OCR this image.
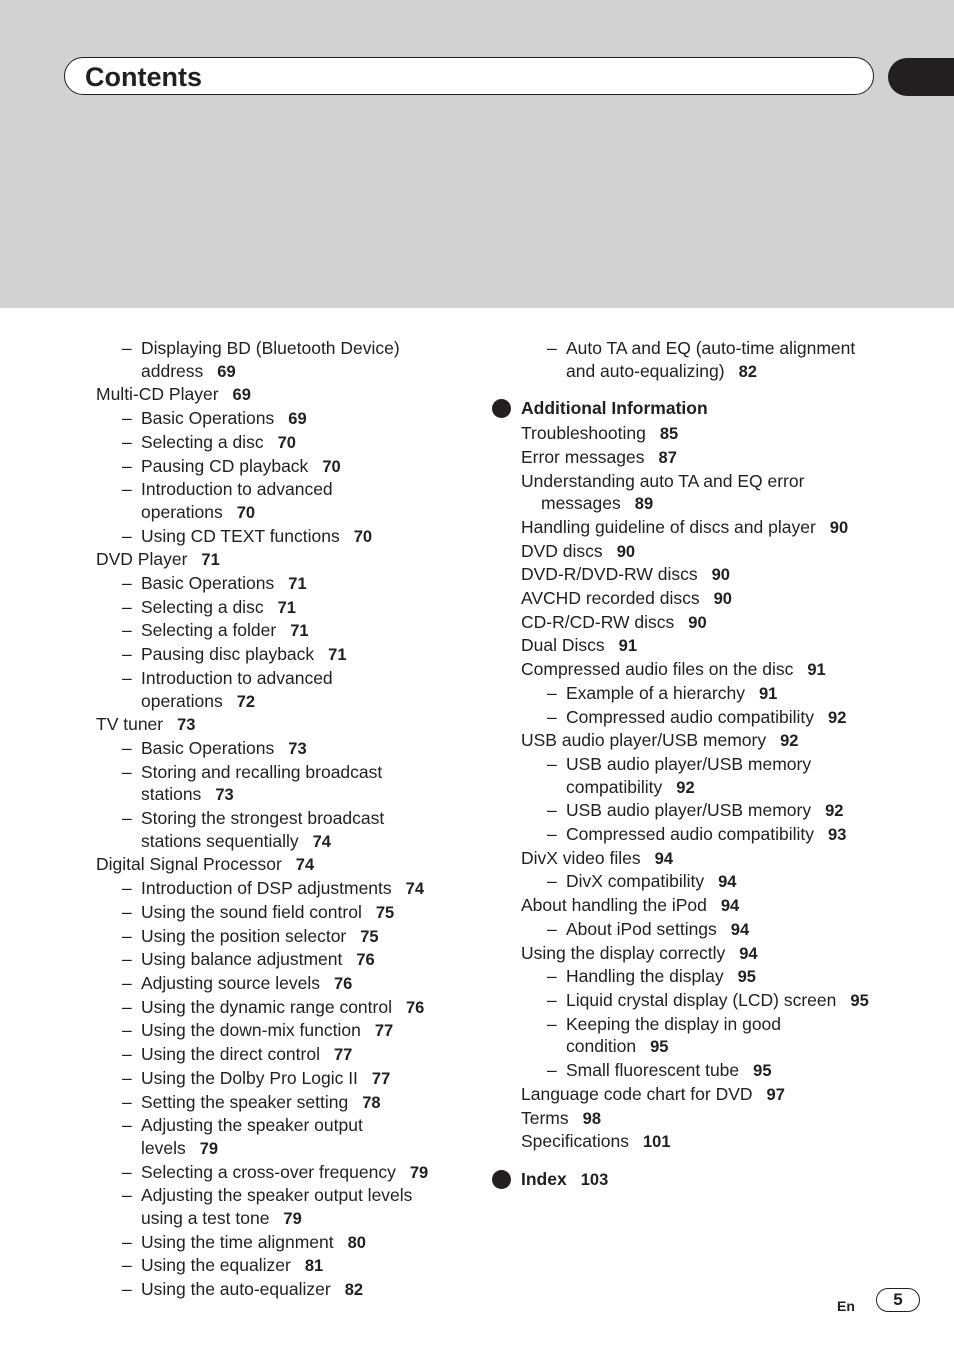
Contents
– Displaying BD (Bluetooth Device)
address 69
Multi-CD Player 69
– Basic Operations 69
– Selecting a disc 70
– Pausing CD playback 70
– Introduction to advanced
operations 70
– Using CD TEXT functions 70
DVD Player 71
– Basic Operations 71
– Selecting a disc 71
– Selecting a folder 71
– Pausing disc playback 71
– Introduction to advanced
operations 72
TV tuner 73
– Basic Operations 73
– Storing and recalling broadcast
stations 73
– Storing the strongest broadcast
stations sequentially 74
Digital Signal Processor 74
– Introduction of DSP adjustments 74
– Using the sound field control 75
– Using the position selector 75
– Using balance adjustment 76
– Adjusting source levels 76
– Using the dynamic range control 76
– Using the down-mix function 77
– Using the direct control 77
– Using the Dolby Pro Logic II 77
– Setting the speaker setting 78
– Adjusting the speaker output
levels 79
– Selecting a cross-over frequency 79
– Adjusting the speaker output levels
using a test tone 79
– Using the time alignment 80
– Using the equalizer 81
– Using the auto-equalizer 82
– Auto TA and EQ (auto-time alignment
and auto-equalizing) 82
Additional Information
Troubleshooting 85
Error messages 87
Understanding auto TA and EQ error
messages 89
Handling guideline of discs and player 90
DVD discs 90
DVD-R/DVD-RW discs 90
AVCHD recorded discs 90
CD-R/CD-RW discs 90
Dual Discs 91
Compressed audio files on the disc 91
– Example of a hierarchy 91
– Compressed audio compatibility 92
USB audio player/USB memory 92
– USB audio player/USB memory
compatibility 92
– USB audio player/USB memory 92
– Compressed audio compatibility 93
DivX video files 94
– DivX compatibility 94
About handling the iPod 94
– About iPod settings 94
Using the display correctly 94
– Handling the display 95
– Liquid crystal display (LCD) screen 95
– Keeping the display in good
condition 95
– Small fluorescent tube 95
Language code chart for DVD 97
Terms 98
Specifications 101
Index 103
En	5
